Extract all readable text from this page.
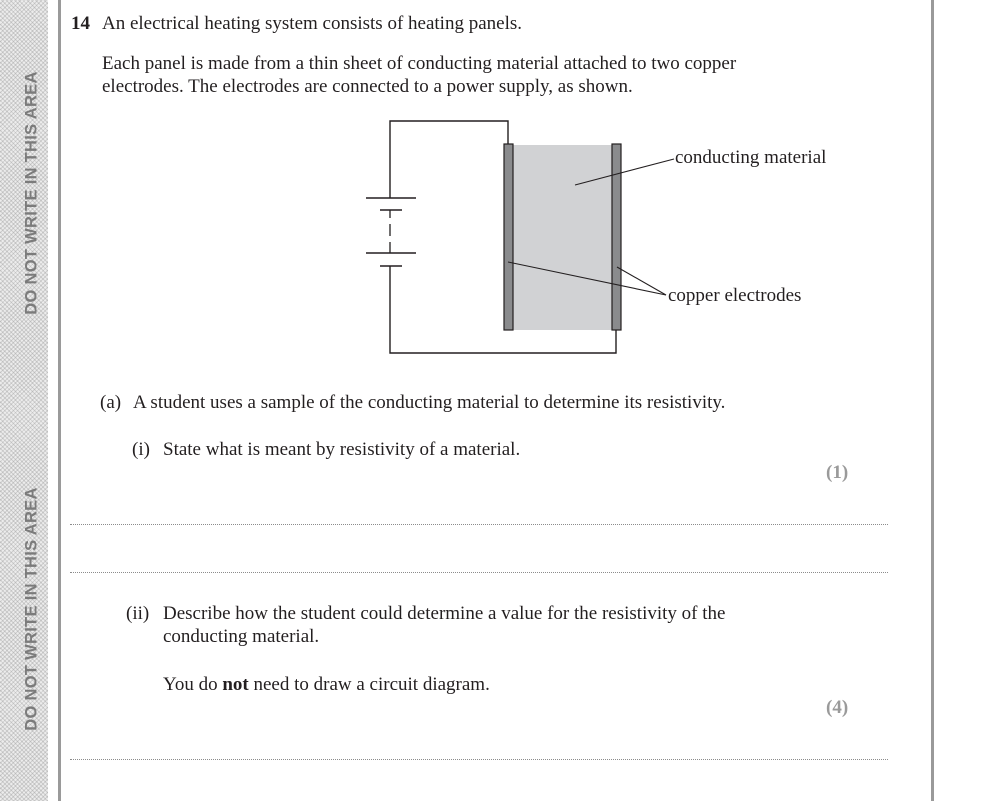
DO NOT WRITE IN THIS AREA
DO NOT WRITE IN THIS AREA
14 An electrical heating system consists of heating panels.
Each panel is made from a thin sheet of conducting material attached to two copper
electrodes. The electrodes are connected to a power supply, as shown.
conducting material
copper electrodes
(a) A student uses a sample of the conducting material to determine its resistivity.
(i) State what is meant by resistivity of a material.
(1)
(ii) Describe how the student could determine a value for the resistivity of the
conducting material.
You do not need to draw a circuit diagram.
(4)
